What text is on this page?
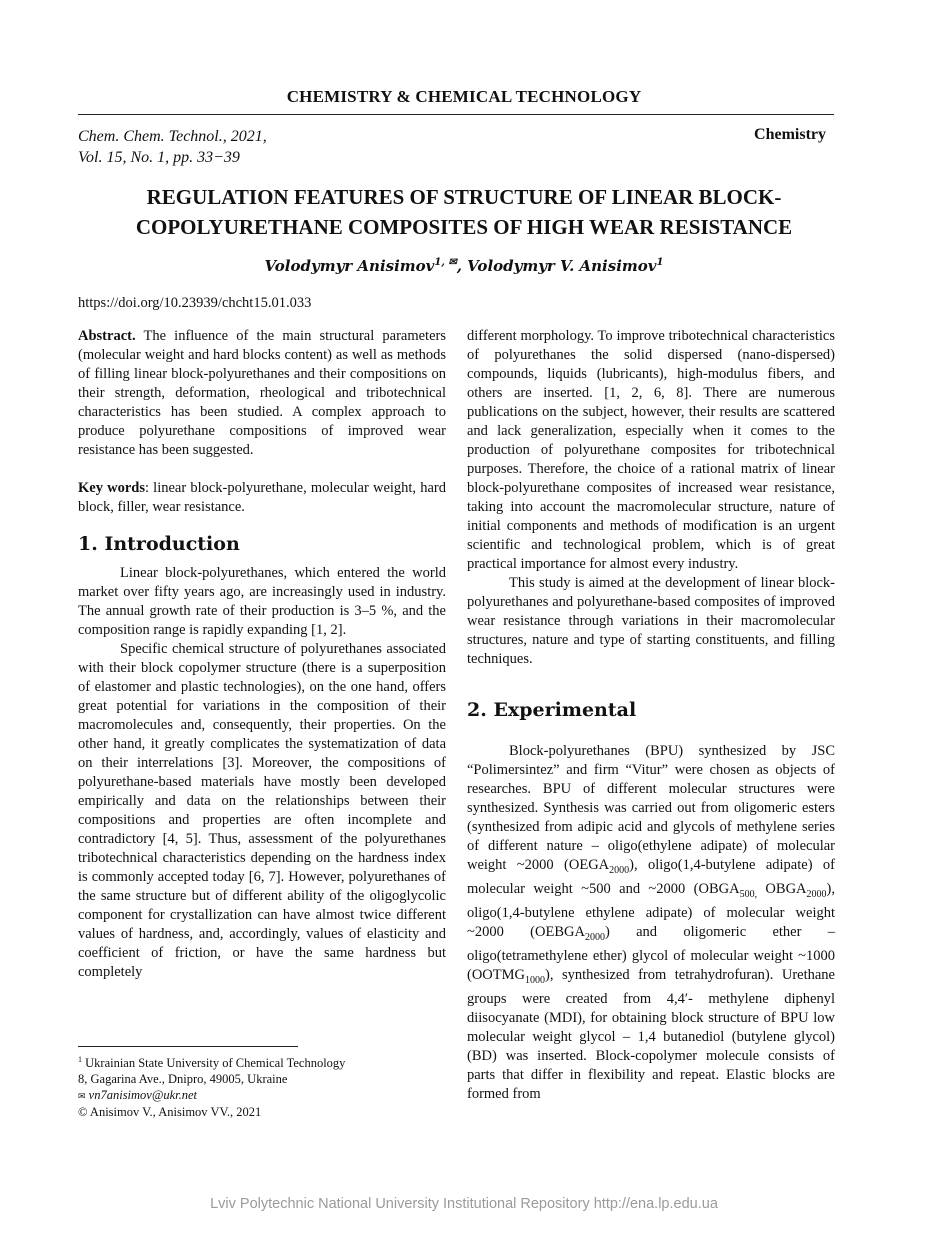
CHEMISTRY & CHEMICAL TECHNOLOGY
Chem. Chem. Technol., 2021,
Vol. 15, No. 1, pp. 33−39
Chemistry
REGULATION FEATURES OF STRUCTURE OF LINEAR BLOCK-
COPOLYURETHANE COMPOSITES OF HIGH WEAR RESISTANCE
Volodymyr Anisimov$^{1, ✉}$, Volodymyr V. Anisimov$^1$
https://doi.org/10.23939/chcht15.01.033

Abstract. The influence of the main structural parameters (molecular weight and hard blocks content) as well as methods of filling linear block-polyurethanes and their compositions on their strength, deformation, rheological and tribotechnical characteristics has been studied. A complex approach to produce polyurethane compositions of improved wear resistance has been suggested.

Key words: linear block-polyurethane, molecular weight, hard block, filler, wear resistance.

1. Introduction

Linear block-polyurethanes, which entered the world market over fifty years ago, are increasingly used in industry. The annual growth rate of their production is 3–5 %, and the composition range is rapidly expanding [1, 2].

Specific chemical structure of polyurethanes associated with their block copolymer structure (there is a superposition of elastomer and plastic technologies), on the one hand, offers great potential for variations in the composition of their macromolecules and, consequently, their properties. On the other hand, it greatly complicates the systematization of data on their interrelations [3]. Moreover, the compositions of polyurethane-based materials have mostly been developed empirically and data on the relationships between their compositions and properties are often incomplete and contradictory [4, 5]. Thus, assessment of the polyurethanes tribotechnical characteristics depending on the hardness index is commonly accepted today [6, 7]. However, polyurethanes of the same structure but of different ability of the oligoglycolic component for crystallization can have almost twice different values of hardness, and, accordingly, values of elasticity and coefficient of friction, or have the same hardness but completely

different morphology. To improve tribotechnical characteristics of polyurethanes the solid dispersed (nano-dispersed) compounds, liquids (lubricants), high-modulus fibers, and others are inserted. [1, 2, 6, 8]. There are numerous publications on the subject, however, their results are scattered and lack generalization, especially when it comes to the production of polyurethane composites for tribotechnical purposes. Therefore, the choice of a rational matrix of linear block-polyurethane composites of increased wear resistance, taking into account the macromolecular structure, nature of initial components and methods of modification is an urgent scientific and technological problem, which is of great practical importance for almost every industry.

This study is aimed at the development of linear block-polyurethanes and polyurethane-based composites of improved wear resistance through variations in their macromolecular structures, nature and type of starting constituents, and filling techniques.

2. Experimental

Block-polyurethanes (BPU) synthesized by JSC “Polimersintez” and firm “Vitur” were chosen as objects of researches. BPU of different molecular structures were synthesized. Synthesis was carried out from oligomeric esters (synthesized from adipic acid and glycols of methylene series of different nature – oligo(ethylene adipate) of molecular weight ~2000 $(OEGA_{2000})$, oligo(1,4-butylene adipate) of molecular weight ~500 and ~2000 ($OBGA_{500,}$ $OBGA_{2000}$), oligo(1,4-butylene ethylene adipate) of molecular weight ~2000 $(OEBGA_{2000})$ and oligomeric ether – oligo(tetramethylene ether) glycol of molecular weight ~1000 $(OOTMG_{1000})$, synthesized from tetrahydrofuran). Urethane groups were created from 4,4′- methylene diphenyl diisocyanate (MDI), for obtaining block structure of BPU low molecular weight glycol – 1,4 butanediol (butylene glycol) (BD) was inserted. Block-copolymer molecule consists of parts that differ in flexibility and repeat. Elastic blocks are formed from

$^1$ Ukrainian State University of Chemical Technology
8, Gagarina Ave., Dnipro, 49005, Ukraine
✉ vn7anisimov@ukr.net
© Anisimov V., Anisimov VV., 2021
Lviv Polytechnic National University Institutional Repository http://ena.lp.edu.ua
